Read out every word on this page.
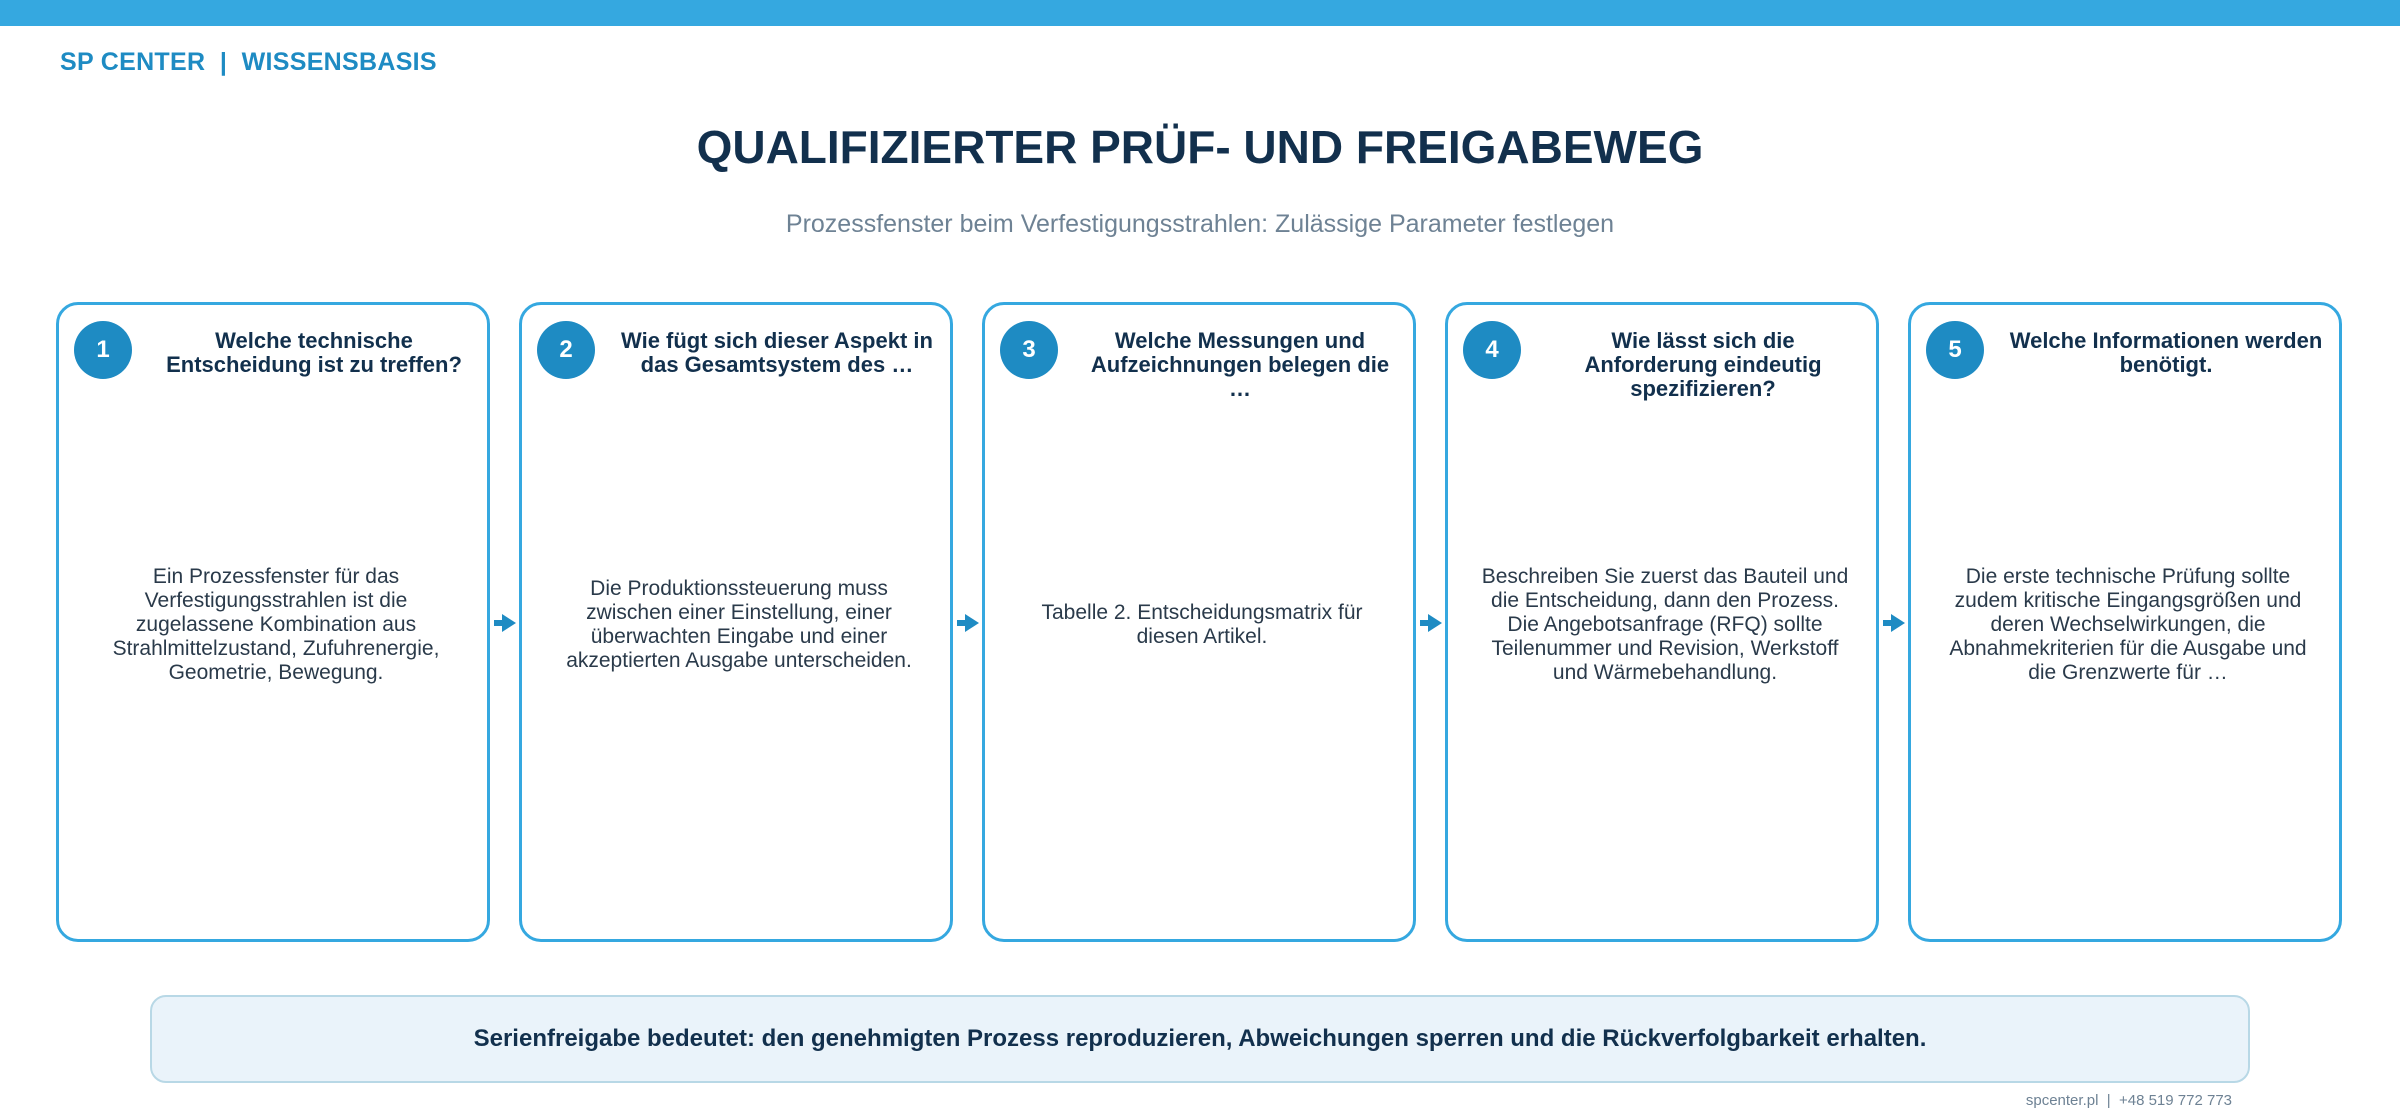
SP CENTER  |  WISSENSBASIS
QUALIFIZIERTER PRÜF- UND FREIGABEWEG
Prozessfenster beim Verfestigungsstrahlen: Zulässige Parameter festlegen
1	Welche technische Entscheidung ist zu treffen?
Ein Prozessfenster für das Verfestigungsstrahlen ist die zugelassene Kombination aus Strahlmittelzustand, Zufuhrenergie, Geometrie, Bewegung.
2	Wie fügt sich dieser Aspekt in das Gesamtsystem des …
Die Produktionssteuerung muss zwischen einer Einstellung, einer überwachten Eingabe und einer akzeptierten Ausgabe unterscheiden.
3	Welche Messungen und Aufzeichnungen belegen die …
Tabelle 2. Entscheidungsmatrix für diesen Artikel.
4	Wie lässt sich die Anforderung eindeutig spezifizieren?
Beschreiben Sie zuerst das Bauteil und die Entscheidung, dann den Prozess. Die Angebotsanfrage (RFQ) sollte Teilenummer und Revision, Werkstoff und Wärmebehandlung.
5	Welche Informationen werden benötigt.
Die erste technische Prüfung sollte zudem kritische Eingangsgrößen und deren Wechselwirkungen, die Abnahmekriterien für die Ausgabe und die Grenzwerte für …
Serienfreigabe bedeutet: den genehmigten Prozess reproduzieren, Abweichungen sperren und die Rückverfolgbarkeit erhalten.
spcenter.pl  |  +48 519 772 773
